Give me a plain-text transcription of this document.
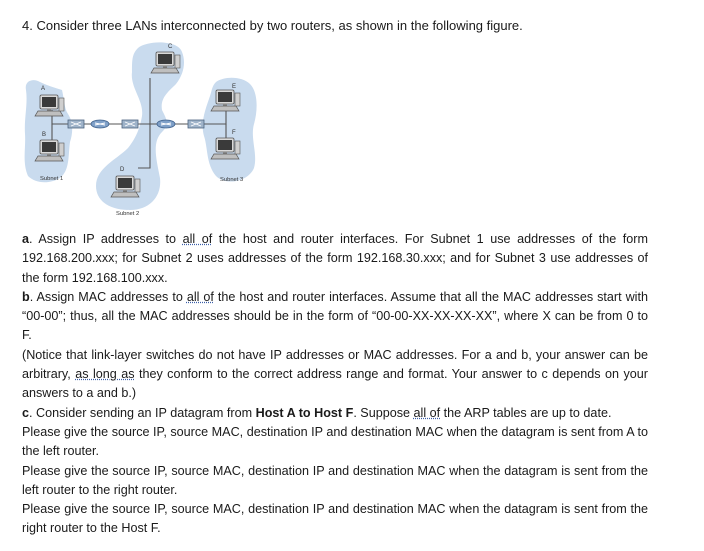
4. Consider three LANs interconnected by two routers, as shown in the following figure.
A
B
C
D
E
F
Subnet 1
Subnet 2
Subnet 3

a. Assign IP addresses to all of the host and router interfaces. For Subnet 1 use addresses of the form 192.168.200.xxx; for Subnet 2 uses addresses of the form 192.168.30.xxx; and for Subnet 3 use addresses of the form 192.168.100.xxx.

b. Assign MAC addresses to all of the host and router interfaces. Assume that all the MAC addresses start with “00-00”; thus, all the MAC addresses should be in the form of “00-00-XX-XX-XX-XX”, where X can be from 0 to F.

(Notice that link-layer switches do not have IP addresses or MAC addresses. For a and b, your answer can be arbitrary, as long as they conform to the correct address range and format. Your answer to c depends on your answers to a and b.)

c. Consider sending an IP datagram from Host A to Host F. Suppose all of the ARP tables are up to date.

Please give the source IP, source MAC, destination IP and destination MAC when the datagram is sent from A to the left router.

Please give the source IP, source MAC, destination IP and destination MAC when the datagram is sent from the left router to the right router.

Please give the source IP, source MAC, destination IP and destination MAC when the datagram is sent from the right router to the Host F.
